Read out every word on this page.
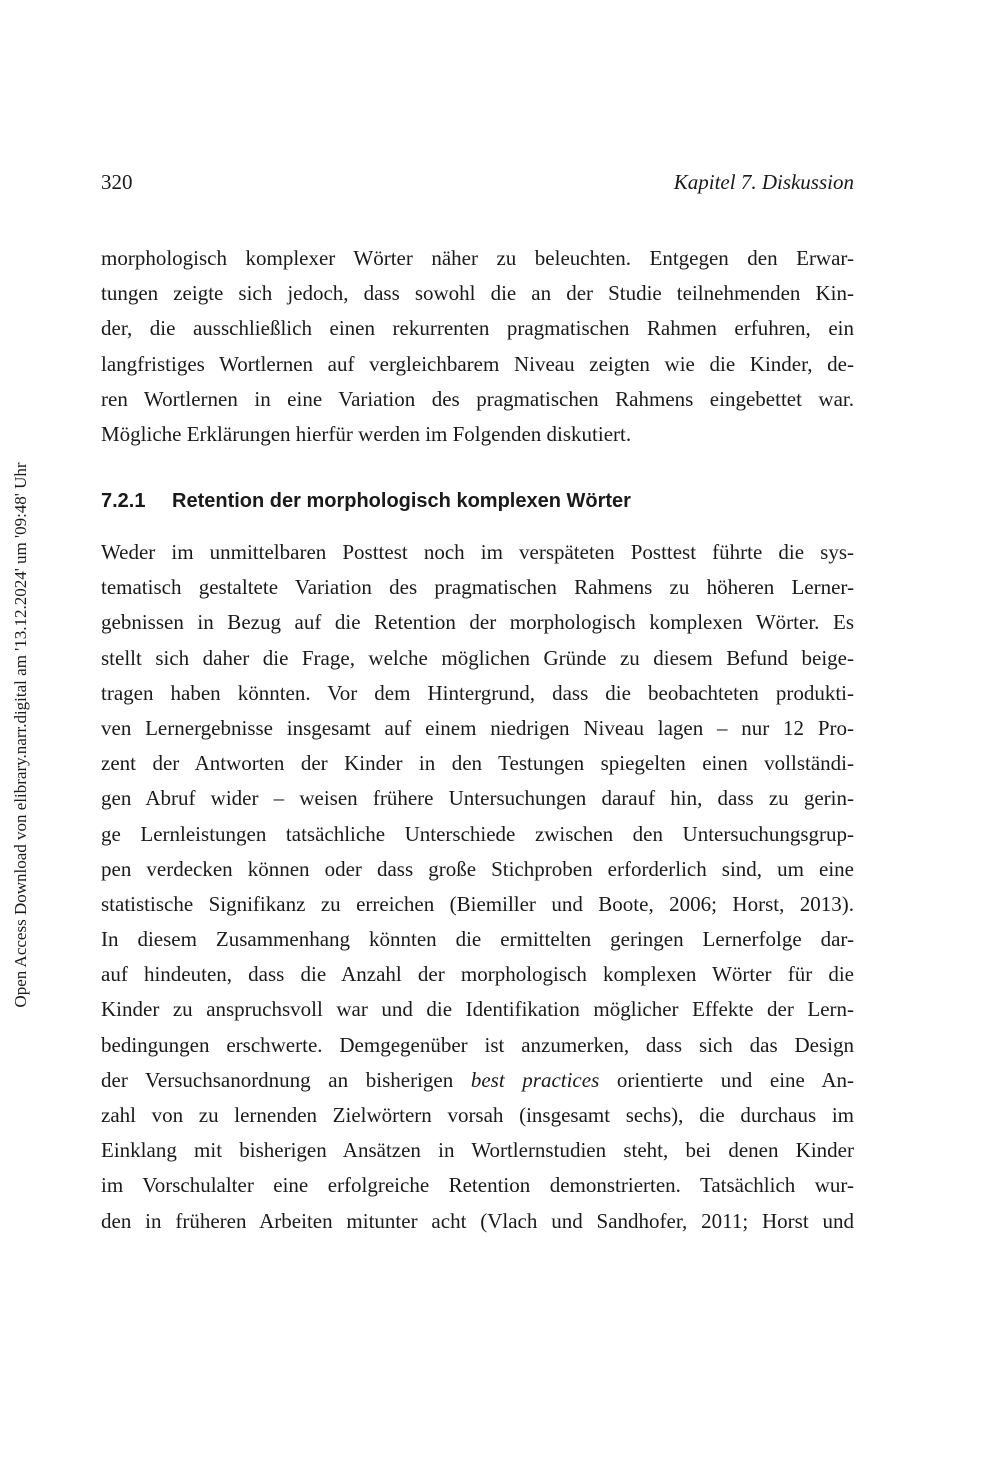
320	Kapitel 7. Diskussion
Open Access Download von elibrary.narr.digital am '13.12.2024' um '09:48' Uhr
morphologisch komplexer Wörter näher zu beleuchten. Entgegen den Erwar-
tungen zeigte sich jedoch, dass sowohl die an der Studie teilnehmenden Kin-
der, die ausschließlich einen rekurrenten pragmatischen Rahmen erfuhren, ein
langfristiges Wortlernen auf vergleichbarem Niveau zeigten wie die Kinder, de-
ren Wortlernen in eine Variation des pragmatischen Rahmens eingebettet war.
Mögliche Erklärungen hierfür werden im Folgenden diskutiert.
7.2.1 Retention der morphologisch komplexen Wörter
Weder im unmittelbaren Posttest noch im verspäteten Posttest führte die sys-
tematisch gestaltete Variation des pragmatischen Rahmens zu höheren Lerner-
gebnissen in Bezug auf die Retention der morphologisch komplexen Wörter. Es
stellt sich daher die Frage, welche möglichen Gründe zu diesem Befund beige-
tragen haben könnten. Vor dem Hintergrund, dass die beobachteten produkti-
ven Lernergebnisse insgesamt auf einem niedrigen Niveau lagen – nur 12 Pro-
zent der Antworten der Kinder in den Testungen spiegelten einen vollständi-
gen Abruf wider – weisen frühere Untersuchungen darauf hin, dass zu gerin-
ge Lernleistungen tatsächliche Unterschiede zwischen den Untersuchungsgrup-
pen verdecken können oder dass große Stichproben erforderlich sind, um eine
statistische Signifikanz zu erreichen (Biemiller und Boote, 2006; Horst, 2013).
In diesem Zusammenhang könnten die ermittelten geringen Lernerfolge dar-
auf hindeuten, dass die Anzahl der morphologisch komplexen Wörter für die
Kinder zu anspruchsvoll war und die Identifikation möglicher Effekte der Lern-
bedingungen erschwerte. Demgegenüber ist anzumerken, dass sich das Design
der Versuchsanordnung an bisherigen best practices orientierte und eine An-
zahl von zu lernenden Zielwörtern vorsah (insgesamt sechs), die durchaus im
Einklang mit bisherigen Ansätzen in Wortlernstudien steht, bei denen Kinder
im Vorschulalter eine erfolgreiche Retention demonstrierten. Tatsächlich wur-
den in früheren Arbeiten mitunter acht (Vlach und Sandhofer, 2011; Horst und
